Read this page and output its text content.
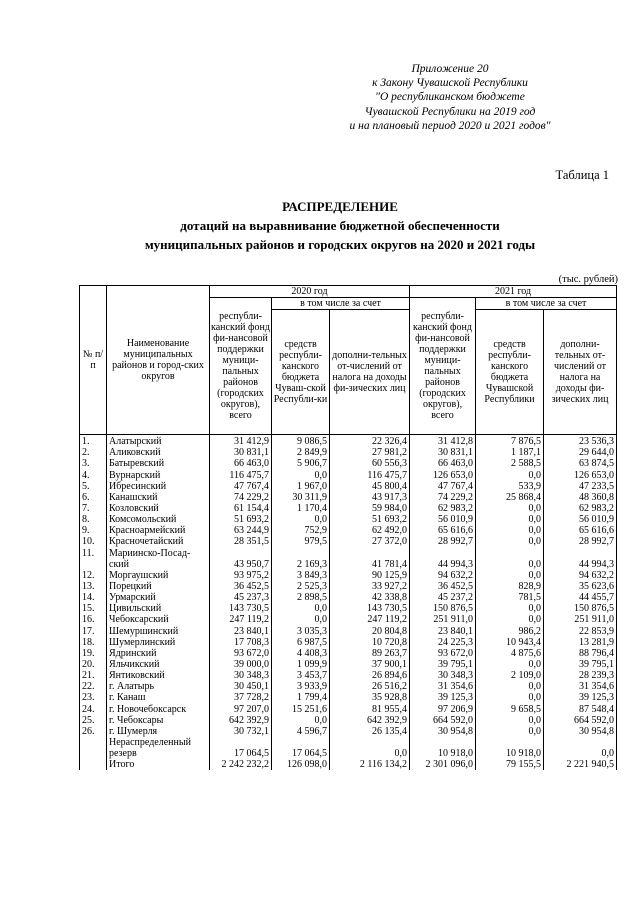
Приложение 20
к Закону Чувашской Республики
"О республиканском бюджете
Чувашской Республики на 2019 год
и на плановый период 2020 и 2021 годов"
Таблица 1
РАСПРЕДЕЛЕНИЕ
дотаций на выравнивание бюджетной обеспеченности
муниципальных районов и городских округов на 2020 и 2021 годы
(тыс. рублей)
№ п/п	Наименование муниципальных районов и город-ских округов	2020 год			2021 год		
		республи-канский фонд фи-нансовой поддержки муници-пальных районов (городских округов), всего	в том числе за счет		республи-канский фонд фи-нансовой поддержки муници-пальных районов (городских округов), всего	в том числе за счет	
			средств республи-канского бюджета Чуваш-ской Республи-ки	дополни-тельных от-числений от налога на доходы фи-зических лиц		средств республи-канского бюджета Чувашской Республики	дополни-тельных от-числений от налога на доходы фи-зических лиц
1.	Алатырский	31 412,9	9 086,5	22 326,4	31 412,8	7 876,5	23 536,3
2.	Аликовский	30 831,1	2 849,9	27 981,2	30 831,1	1 187,1	29 644,0
3.	Батыревский	66 463,0	5 906,7	60 556,3	66 463,0	2 588,5	63 874,5
4.	Вурнарский	116 475,7	0,0	116 475,7	126 653,0	0,0	126 653,0
5.	Ибресинский	47 767,4	1 967,0	45 800,4	47 767,4	533,9	47 233,5
6.	Канашский	74 229,2	30 311,9	43 917,3	74 229,2	25 868,4	48 360,8
7.	Козловский	61 154,4	1 170,4	59 984,0	62 983,2	0,0	62 983,2
8.	Комсомольский	51 693,2	0,0	51 693,2	56 010,9	0,0	56 010,9
9.	Красноармейский	63 244,9	752,9	62 492,0	65 616,6	0,0	65 616,6
10.	Красночетайский	28 351,5	979,5	27 372,0	28 992,7	0,0	28 992,7
11.	Мариинско-Посад-						
	ский	43 950,7	2 169,3	41 781,4	44 994,3	0,0	44 994,3
12.	Моргаушский	93 975,2	3 849,3	90 125,9	94 632,2	0,0	94 632,2
13.	Порецкий	36 452,5	2 525,3	33 927,2	36 452,5	828,9	35 623,6
14.	Урмарский	45 237,3	2 898,5	42 338,8	45 237,2	781,5	44 455,7
15.	Цивильский	143 730,5	0,0	143 730,5	150 876,5	0,0	150 876,5
16.	Чебоксарский	247 119,2	0,0	247 119,2	251 911,0	0,0	251 911,0
17.	Шемуршинский	23 840,1	3 035,3	20 804,8	23 840,1	986,2	22 853,9
18.	Шумерлинский	17 708,3	6 987,5	10 720,8	24 225,3	10 943,4	13 281,9
19.	Ядринский	93 672,0	4 408,3	89 263,7	93 672,0	4 875,6	88 796,4
20.	Яльчикский	39 000,0	1 099,9	37 900,1	39 795,1	0,0	39 795,1
21.	Янтиковский	30 348,3	3 453,7	26 894,6	30 348,3	2 109,0	28 239,3
22.	г. Алатырь	30 450,1	3 933,9	26 516,2	31 354,6	0,0	31 354,6
23.	г. Канаш	37 728,2	1 799,4	35 928,8	39 125,3	0,0	39 125,3
24.	г. Новочебоксарск	97 207,0	15 251,6	81 955,4	97 206,9	9 658,5	87 548,4
25.	г. Чебоксары	642 392,9	0,0	642 392,9	664 592,0	0,0	664 592,0
26.	г. Шумерля	30 732,1	4 596,7	26 135,4	30 954,8	0,0	30 954,8
	Нераспределенный						
	резерв	17 064,5	17 064,5	0,0	10 918,0	10 918,0	0,0
	Итого	2 242 232,2	126 098,0	2 116 134,2	2 301 096,0	79 155,5	2 221 940,5
